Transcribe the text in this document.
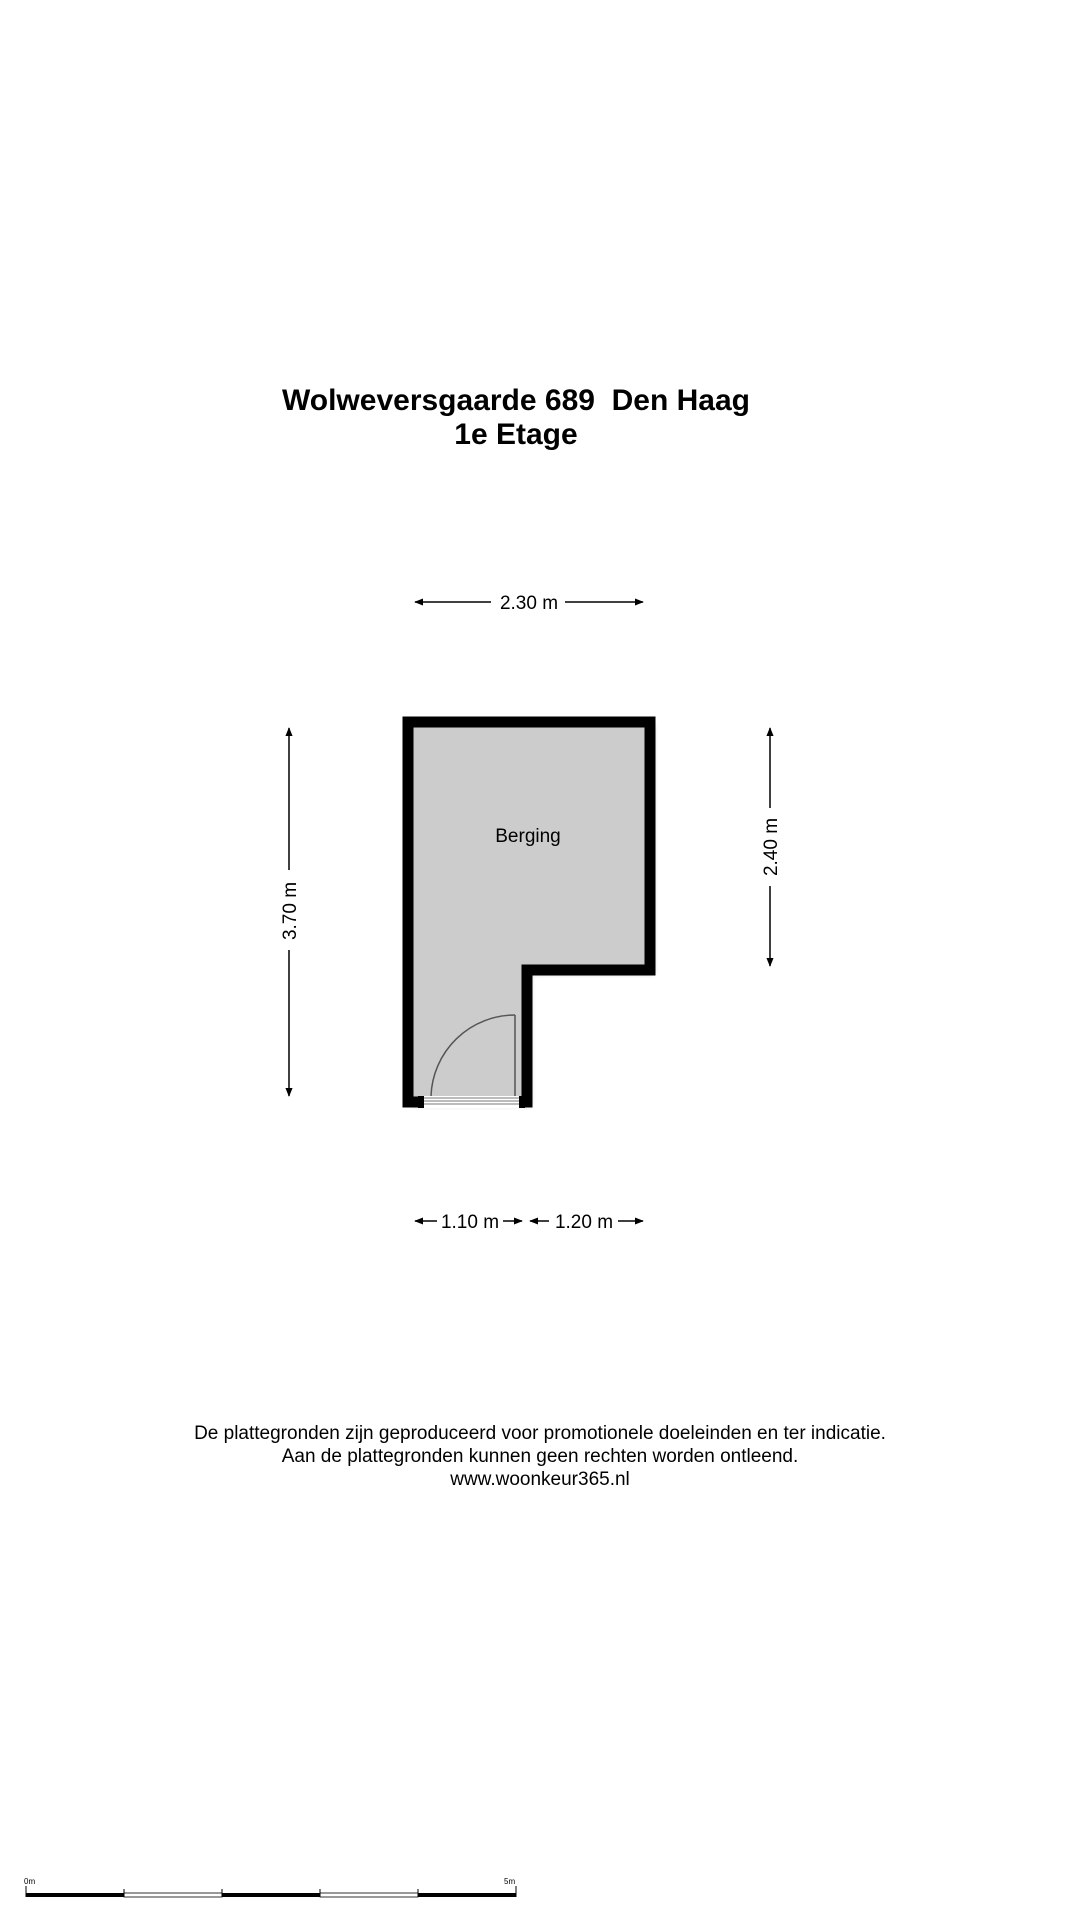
Wolweversgaarde 689  Den Haag
1e Etage
Berging
2.30 m
3.70 m
2.40 m
1.10 m	1.20 m
0m	5m
De plattegronden zijn geproduceerd voor promotionele doeleinden en ter indicatie.
Aan de plattegronden kunnen geen rechten worden ontleend.
www.woonkeur365.nl
